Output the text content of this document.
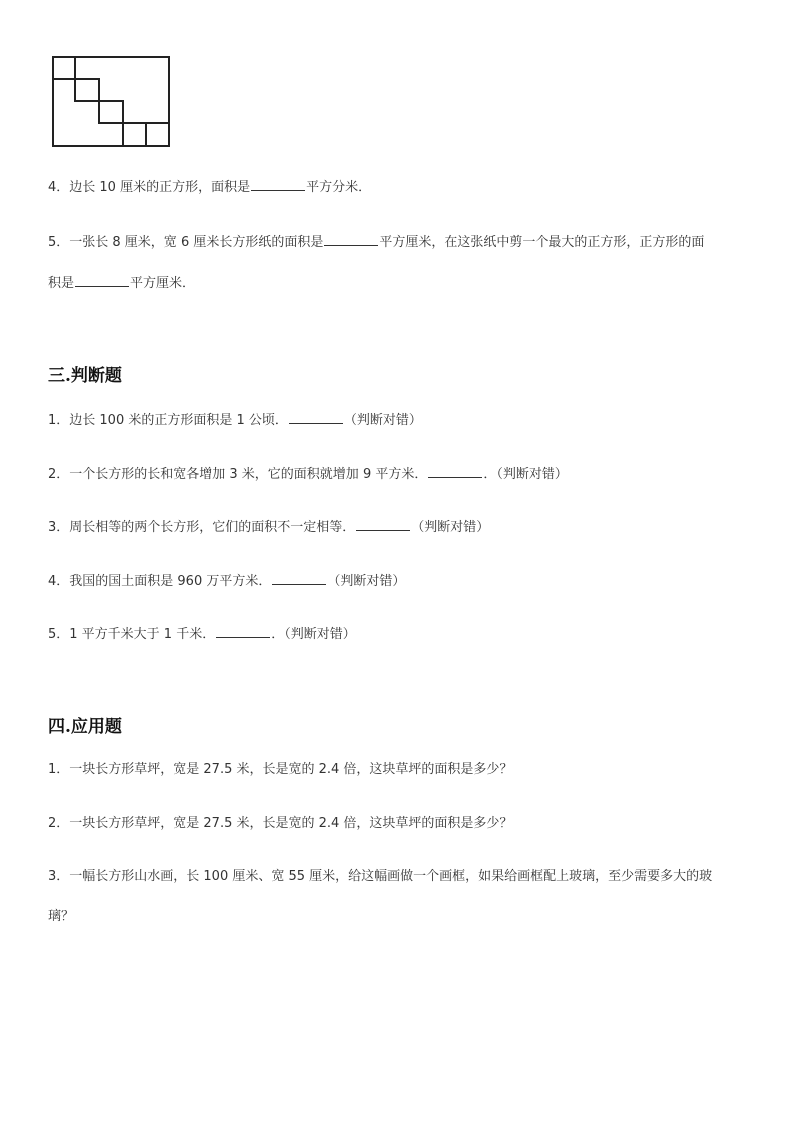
4．边长 10 厘米的正方形，面积是	平方分米．
5．一张长 8 厘米，宽 6 厘米长方形纸的面积是	平方厘米，在这张纸中剪一个最大的正方形，正方形的面
积是	平方厘米．
三.判断题
1．边长 100 米的正方形面积是 1 公顷．	（判断对错）
2．一个长方形的长和宽各增加 3 米，它的面积就增加 9 平方米．	．（判断对错）
3．周长相等的两个长方形，它们的面积不一定相等．	（判断对错）
4．我国的国土面积是 960 万平方米．	（判断对错）
5．1 平方千米大于 1 千米．	．（判断对错）
四.应用题
1．一块长方形草坪，宽是 27.5 米，长是宽的 2.4 倍，这块草坪的面积是多少？
2．一块长方形草坪，宽是 27.5 米，长是宽的 2.4 倍，这块草坪的面积是多少？
3．一幅长方形山水画，长 100 厘米、宽 55 厘米，给这幅画做一个画框，如果给画框配上玻璃，至少需要多大的玻
璃？
